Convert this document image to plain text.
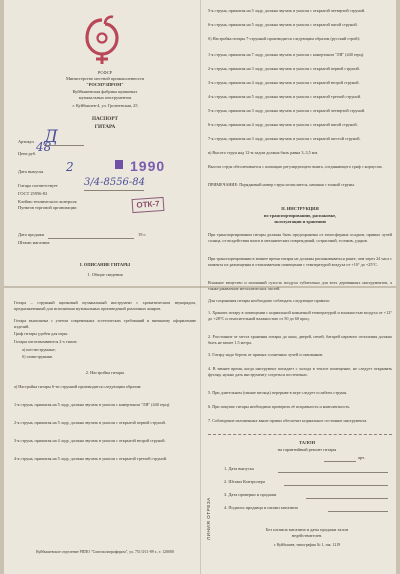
РСФСР
Министерство местной промышленности
"РОСМУЗПРОМ"
Куйбышевская фабрика щипковых
музыкальных инструментов
г. Куйбышев-4, ул. Грозненская, 25
ПАСПОРТ
ГИТАРА
Артикул Д
Цена руб. 48
Дата выпуска	2	1990
Гитара соответствует	3/4-8556-84
ГОСТ 25956-83
Клеймо технического контроля
Пунктов торговой организации	ОТК-7
Дата продажи	19 г.
Штамп магазина
I. ОПИСАНИЕ ГИТАРЫ
1. Общие сведения
Гитара – струнный щипковый музыкальный инструмент с хроматическим звукорядом, предназначенный для исполнения музыкальных произведений различных жанров.
Гитара выполнена с учетом современных эстетических требований и внешнему оформлению изделий.
Гриф гитары удобен для игры.
Гитары изготавливаются 2-х типов:
а) шестиструнные;
б) семиструнные.
2. Настройка гитары
а) Настройка гитары 6-ти струнной производится следующим образом:
1-я струна, прижатая на 5 ладу, должна звучать в унисон с камертоном "ЛЯ" (440 герц).
2-я струна, прижатая на 5 ладу, должна звучать в унисон с открытой первой струной.
3-я струна, прижатая на 4 ладу, должна звучать в унисон с открытой второй струной.
4-я струна, прижатая на 5 ладу, должна звучать в унисон с открытой третьей струной.
Куйбышевское отделение РППО "Союзполиграфпром", ул. 751/3/11-89 г., т. 120000
5-я струна, прижатая на 5 ладу, должна звучать в унисон с открытой четвертой струной.
6-я струна, прижатая на 5 ладу, должна звучать в унисон с открытой пятой струной.
б) Настройка гитары 7-струнной производится следующим образом (русский строй):
1-я струна, прижатая на 7 ладу, должна звучать в унисон с камертоном "ЛЯ" (440 герц).
2-я струна, прижатая на 3 ладу, должна звучать в унисон с открытой первой струной.
3-я струна, прижатая на 4 ладу, должна звучать в унисон с открытой второй струной.
4-я струна, прижатая на 5 ладу, должна звучать в унисон с открытой третьей струной.
5-я струна, прижатая на 3 ладу, должна звучать в унисон с открытой четвертой струной.
6-я струна, прижатая на 4 ладу, должна звучать в унисон с открытой пятой струной.
7-я струна, прижатая на 3 ладу, должна звучать в унисон с открытой шестой струной.
в) Высота струн над 12-м ладом должна быть равна 3–3,5 мм.
Высота струн обеспечивается с помощью регулирующего винта, соединяющего гриф с корпусом.
ПРИМЕЧАНИЕ: Порядковый номер струн исчисляется, начиная с тонкой струны.
II. ИНСТРУКЦИЯ
по транспортированию, распаковке,
эксплуатации и хранению
При транспортировании гитары должны быть предохранены от атмосферных осадков, прямых лучей солнца, от воздействия влаги и механических повреждений, сотрясений, толчков, ударов.
При транспортировании в зимнее время гитары не должны распаковываться ранее, чем через 24 часа с момента их размещения в отапливаемом помещении с температурой воздуха от +10° до +25°С.
Влажное вещество и излишний сухость воздуха губительно для всех деревянных инструментов, а также ржавление металлических частей.
Для сохранения гитары необходимо соблюдать следующие правила:
1. Хранить гитару в помещении с нормальной комнатной температурой и влажностью воздуха от +12° до +28°С и относительной влажностью от 50 до 60 проц.
2. Расстояние от места хранения гитары до окон, дверей, печей, батарей парового отопления должно быть не менее 1,5 метра.
3. Гитару надо беречь от прямых солнечных лучей и сквозняков.
4. В зимнее время, когда инструмент попадает с холода в теплое помещение, не следует открывать футляр, нужно дать инструменту согреться постепенно.
5. При длительном (свыше месяца) перерыве в игре следует ослабить струны.
6. При покупке гитары необходимо проверить её исправность и комплектность.
7. Соблюдение изложенных выше правил обеспечит нормальное состояние инструмента.
ЛИНИЯ ОТРЕЗА
ТАЛОН
на гарантийный ремонт гитары
арт.
1. Дата выпуска
2. Штамп Контролера
3. Дата проверки и продажи
4. Подпись продавца и штамп магазина
Без штампа магазина и даты продажи талон
недействителен.
г. Куйбышев, типография № 1, зак. 1219
